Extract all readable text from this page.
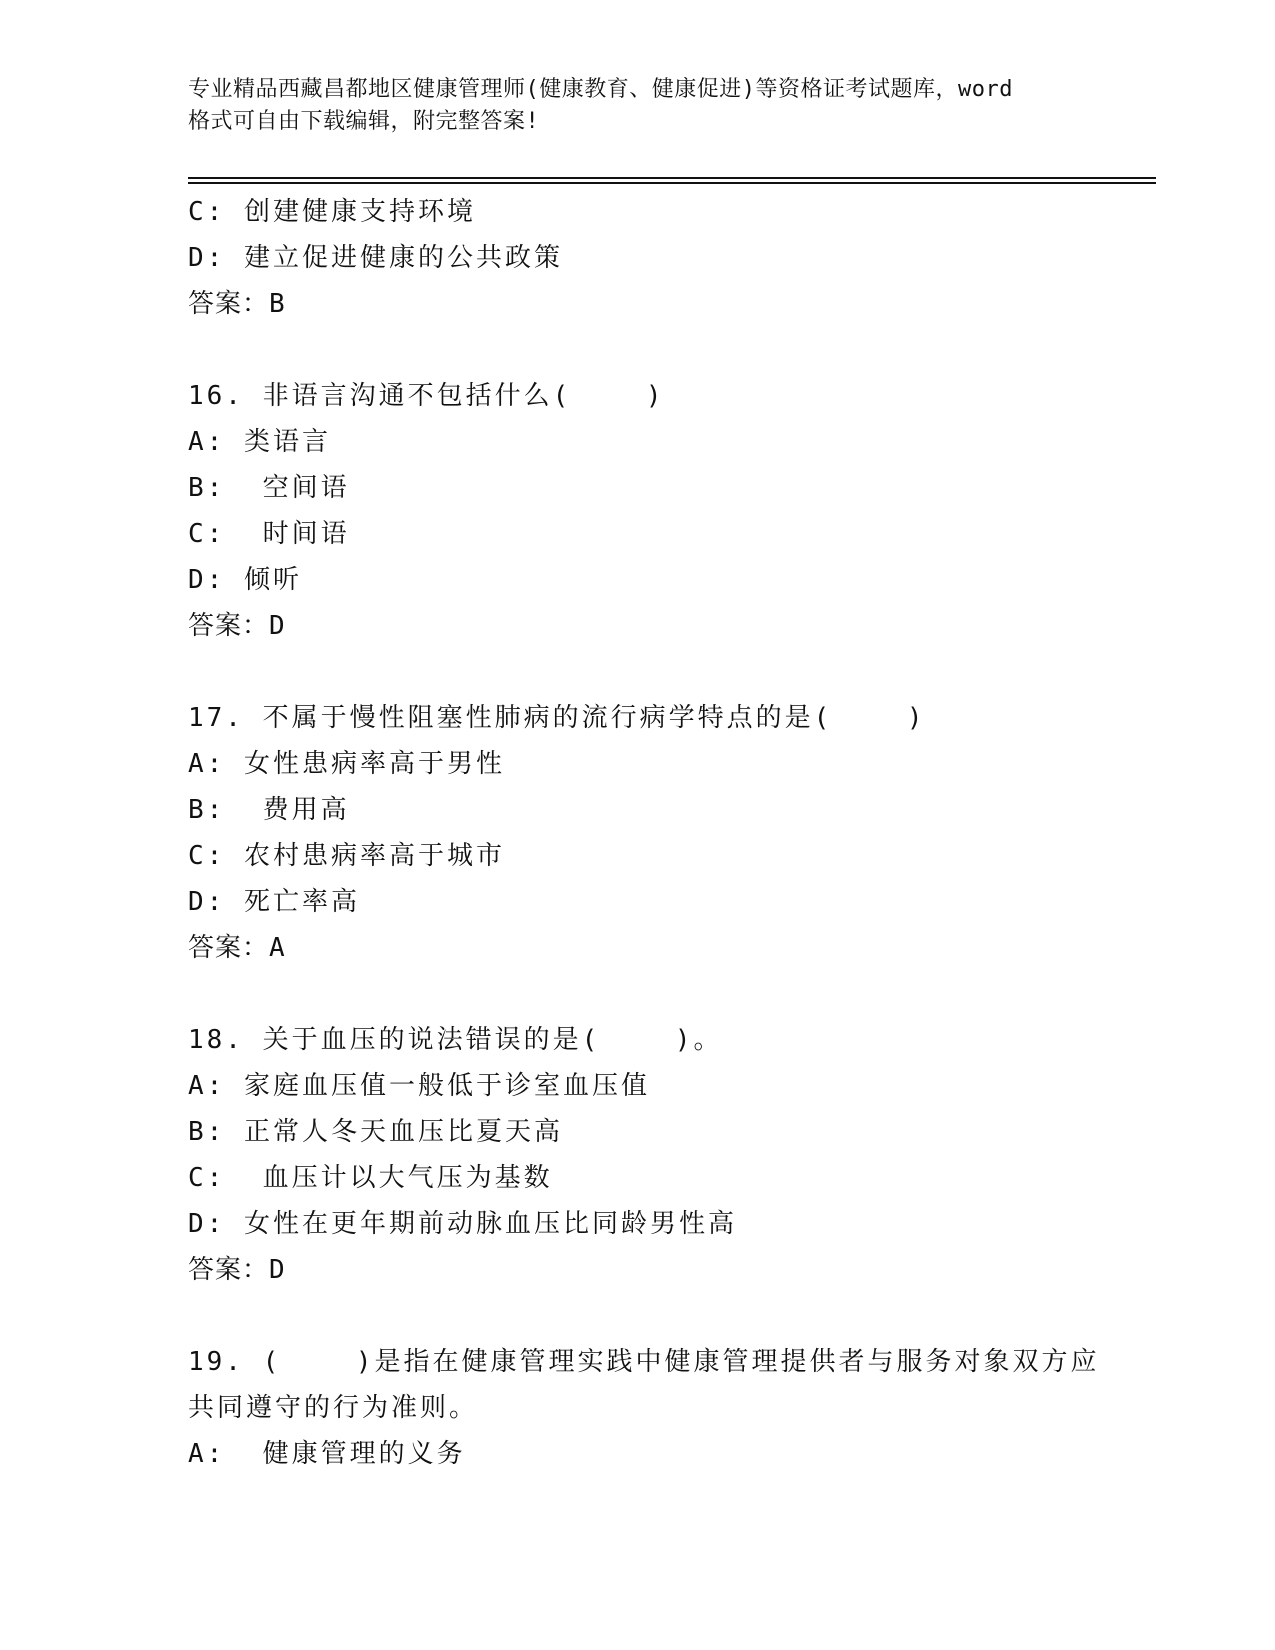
专业精品西藏昌都地区健康管理师(健康教育、健康促进)等资格证考试题库，word
格式可自由下载编辑，附完整答案!
C: 创建健康支持环境
D: 建立促进健康的公共政策
答案：B
16. 非语言沟通不包括什么(    )
A: 类语言
B:  空间语
C:  时间语
D: 倾听
答案：D
17. 不属于慢性阻塞性肺病的流行病学特点的是(    )
A: 女性患病率高于男性
B:  费用高
C: 农村患病率高于城市
D: 死亡率高
答案：A
18. 关于血压的说法错误的是(    )。
A: 家庭血压值一般低于诊室血压值
B: 正常人冬天血压比夏天高
C:  血压计以大气压为基数
D: 女性在更年期前动脉血压比同龄男性高
答案：D
19. (    )是指在健康管理实践中健康管理提供者与服务对象双方应
共同遵守的行为准则。
A:  健康管理的义务
